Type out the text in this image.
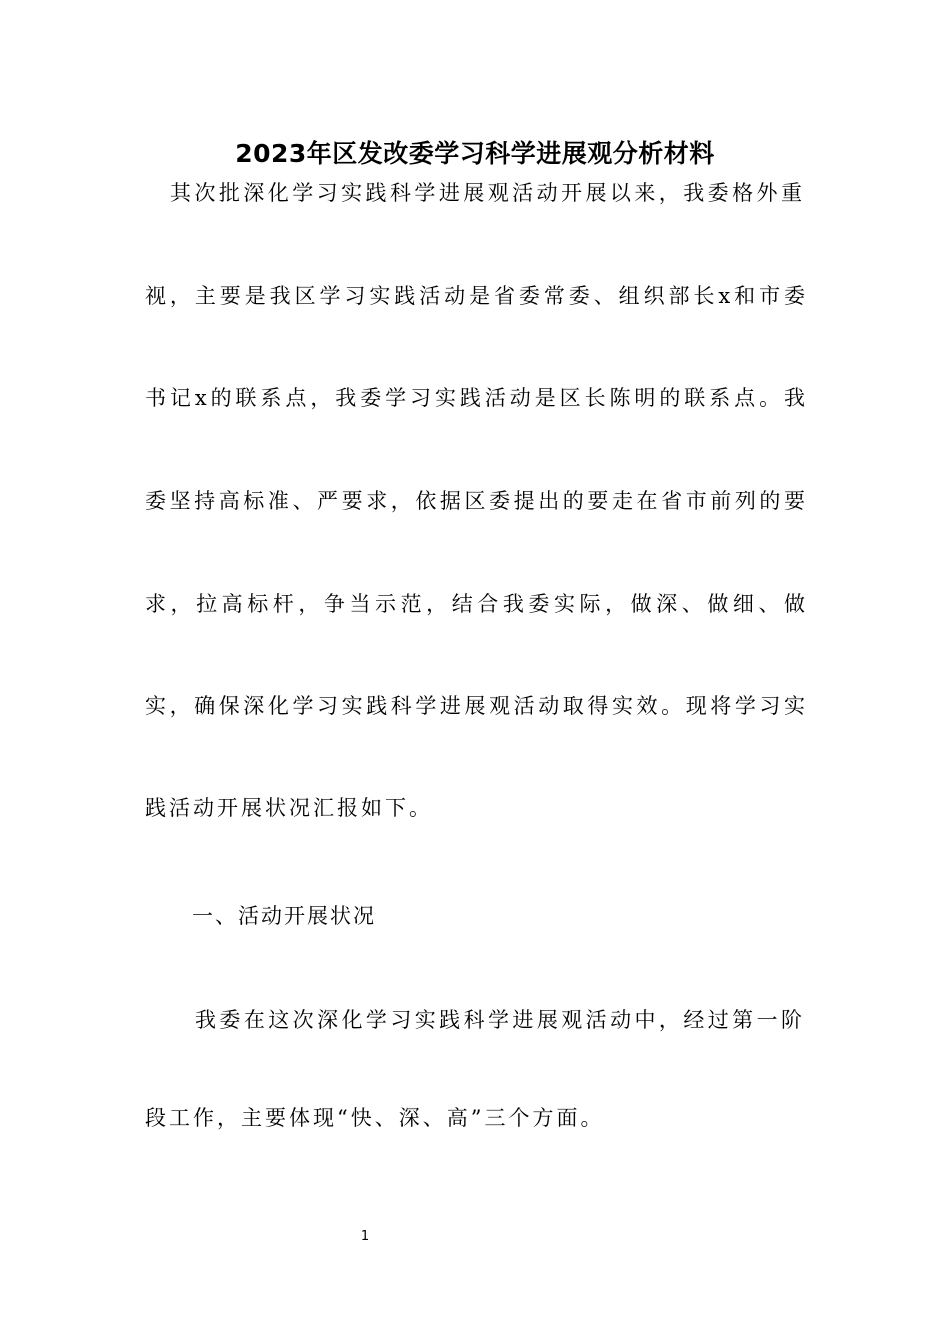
2023年区发改委学习科学进展观分析材料

其次批深化学习实践科学进展观活动开展以来，我委格外重

视，主要是我区学习实践活动是省委常委、组织部长x和市委

书记x的联系点，我委学习实践活动是区长陈明的联系点。我

委坚持高标准、严要求，依据区委提出的要走在省市前列的要

求，拉高标杆，争当示范，结合我委实际，做深、做细、做

实，确保深化学习实践科学进展观活动取得实效。现将学习实

践活动开展状况汇报如下。

一、活动开展状况

我委在这次深化学习实践科学进展观活动中，经过第一阶

段工作，主要体现“快、深、高”三个方面。

1
